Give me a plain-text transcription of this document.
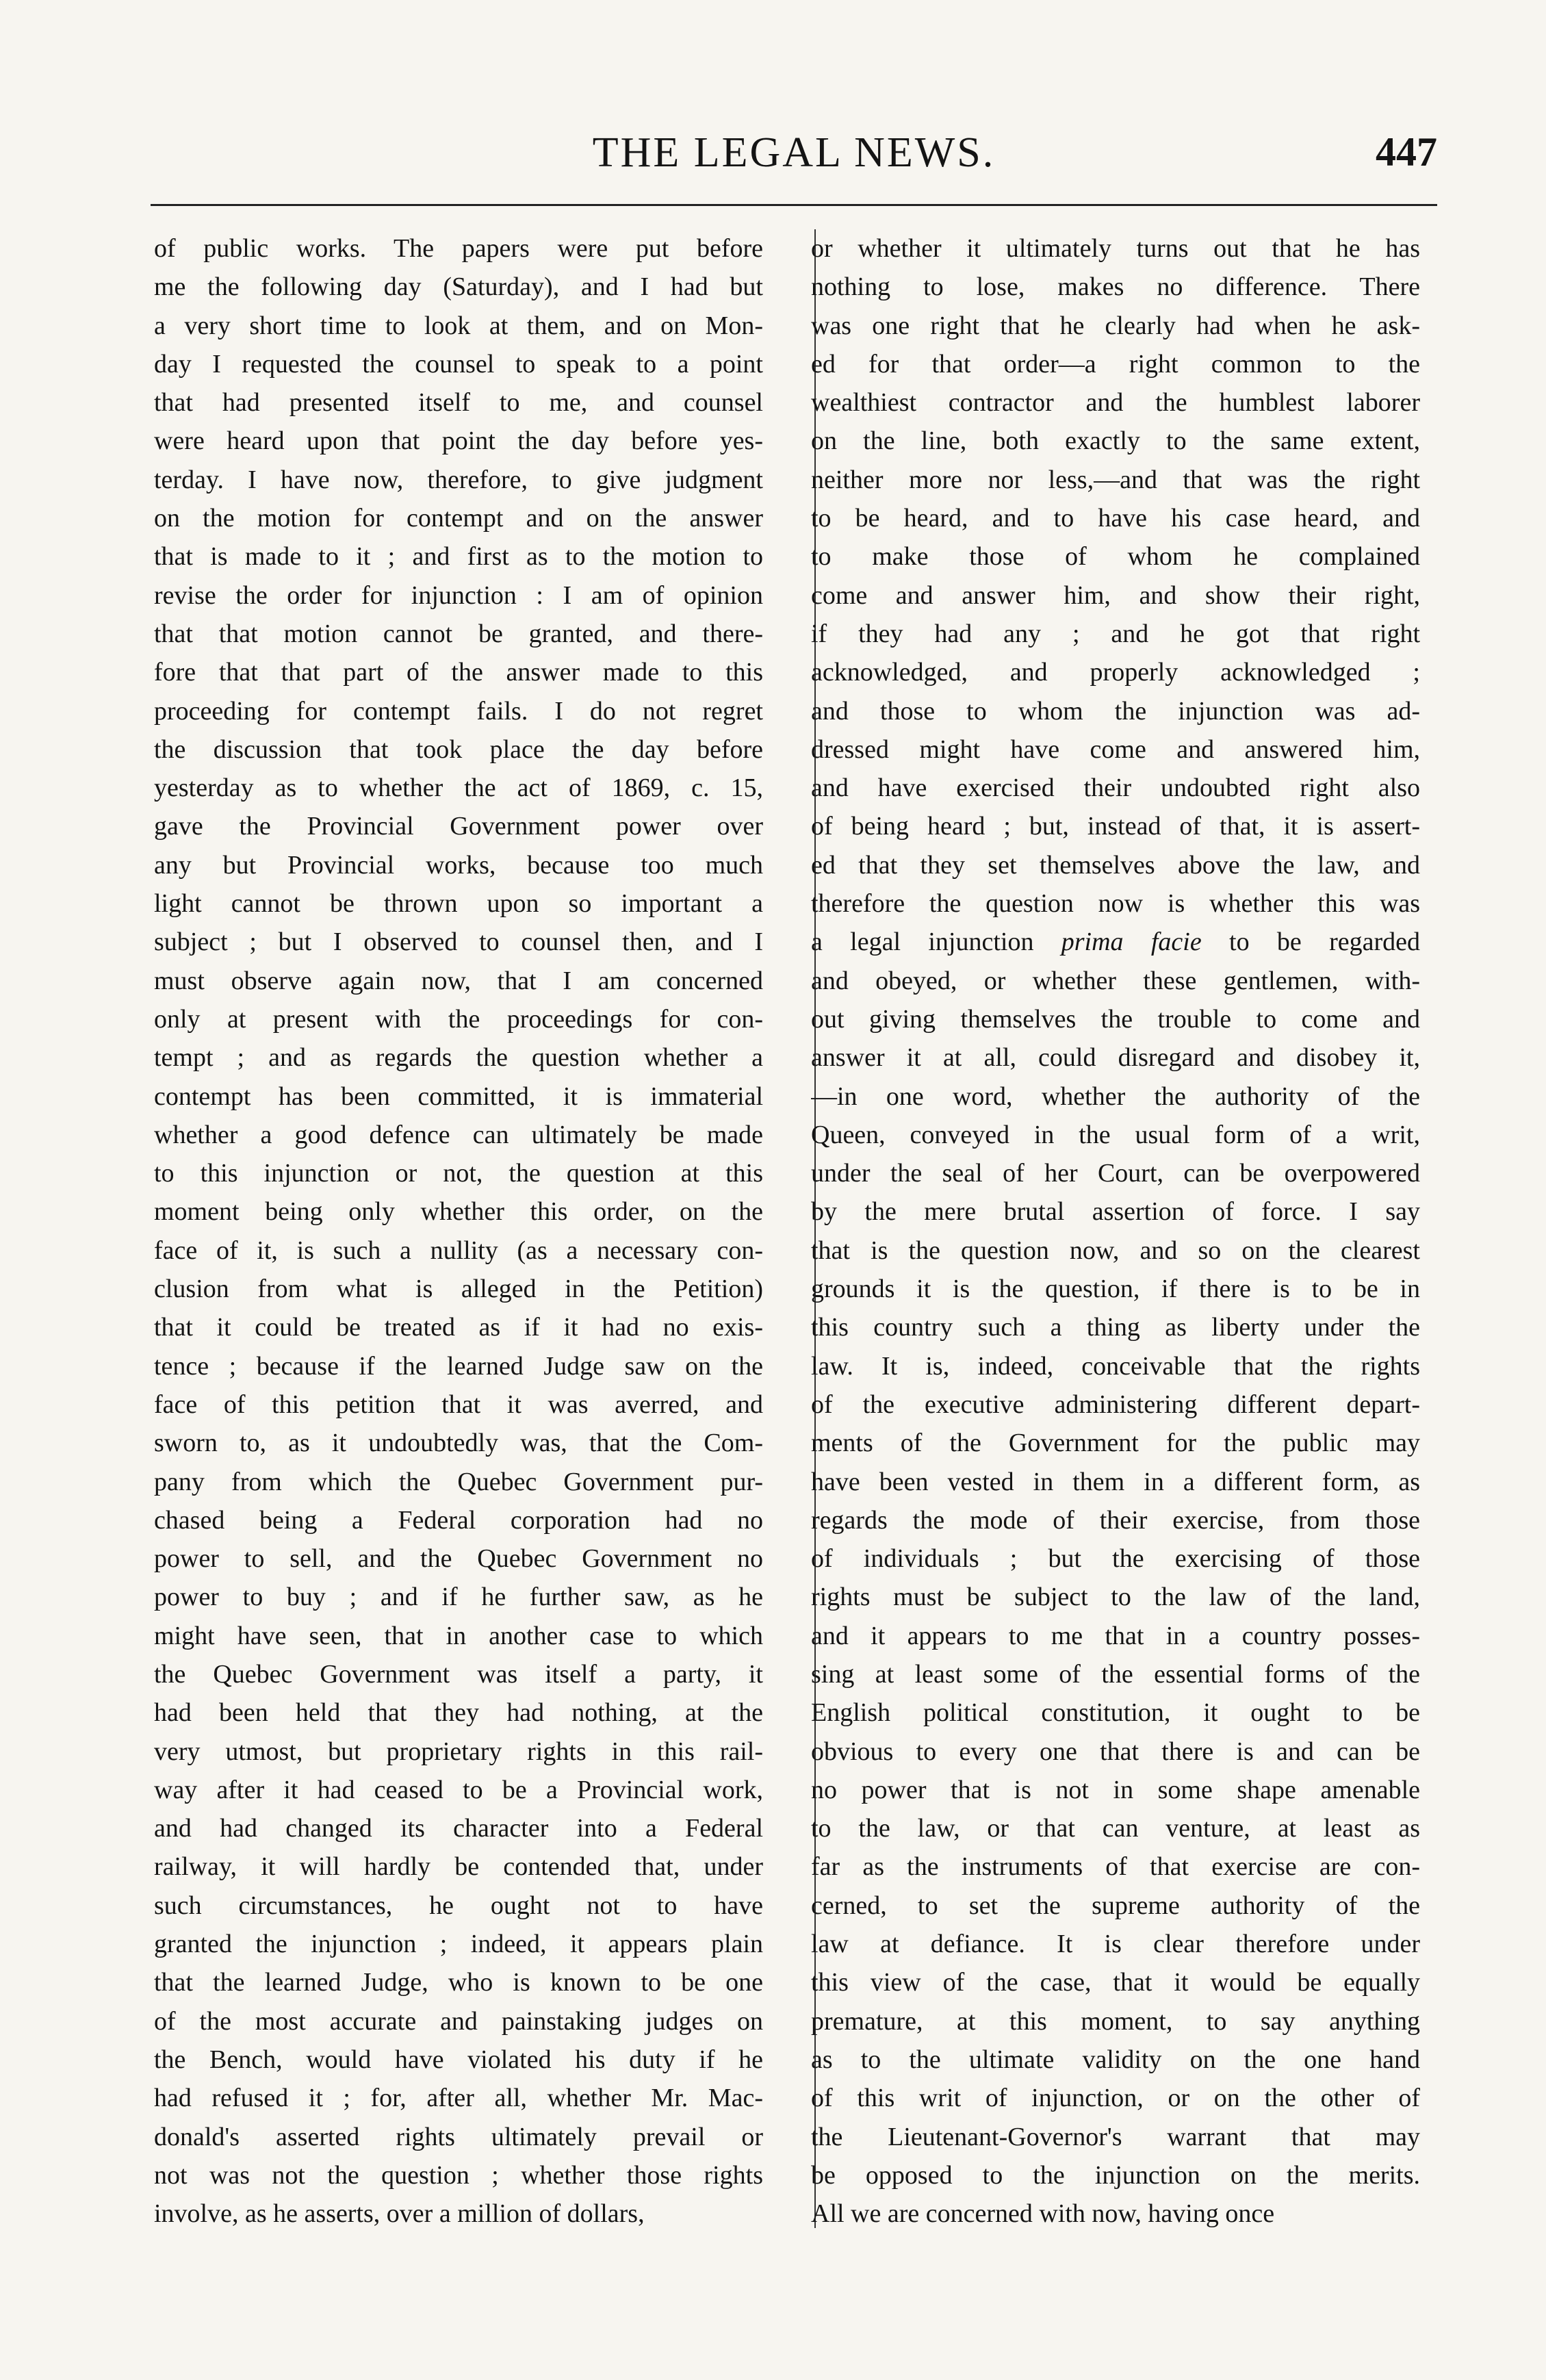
THE LEGAL NEWS.	447
of public works. The papers were put before
me the following day (Saturday), and I had but
a very short time to look at them, and on Mon-
day I requested the counsel to speak to a point
that had presented itself to me, and counsel
were heard upon that point the day before yes-
terday. I have now, therefore, to give judgment
on the motion for contempt and on the answer
that is made to it ; and first as to the motion to
revise the order for injunction : I am of opinion
that that motion cannot be granted, and there-
fore that that part of the answer made to this
proceeding for contempt fails. I do not regret
the discussion that took place the day before
yesterday as to whether the act of 1869, c. 15,
gave the Provincial Government power over
any but Provincial works, because too much
light cannot be thrown upon so important a
subject ; but I observed to counsel then, and I
must observe again now, that I am concerned
only at present with the proceedings for con-
tempt ; and as regards the question whether a
contempt has been committed, it is immaterial
whether a good defence can ultimately be made
to this injunction or not, the question at this
moment being only whether this order, on the
face of it, is such a nullity (as a necessary con-
clusion from what is alleged in the Petition)
that it could be treated as if it had no exis-
tence ; because if the learned Judge saw on the
face of this petition that it was averred, and
sworn to, as it undoubtedly was, that the Com-
pany from which the Quebec Government pur-
chased being a Federal corporation had no
power to sell, and the Quebec Government no
power to buy ; and if he further saw, as he
might have seen, that in another case to which
the Quebec Government was itself a party, it
had been held that they had nothing, at the
very utmost, but proprietary rights in this rail-
way after it had ceased to be a Provincial work,
and had changed its character into a Federal
railway, it will hardly be contended that, under
such circumstances, he ought not to have
granted the injunction ; indeed, it appears plain
that the learned Judge, who is known to be one
of the most accurate and painstaking judges on
the Bench, would have violated his duty if he
had refused it ; for, after all, whether Mr. Mac-
donald's asserted rights ultimately prevail or
not was not the question ; whether those rights
involve, as he asserts, over a million of dollars,
or whether it ultimately turns out that he has
nothing to lose, makes no difference. There
was one right that he clearly had when he ask-
ed for that order—a right common to the
wealthiest contractor and the humblest laborer
on the line, both exactly to the same extent,
neither more nor less,—and that was the right
to be heard, and to have his case heard, and
to make those of whom he complained
come and answer him, and show their right,
if they had any ; and he got that right
acknowledged, and properly acknowledged ;
and those to whom the injunction was ad-
dressed might have come and answered him,
and have exercised their undoubted right also
of being heard ; but, instead of that, it is assert-
ed that they set themselves above the law, and
therefore the question now is whether this was
a legal injunction prima facie to be regarded
and obeyed, or whether these gentlemen, with-
out giving themselves the trouble to come and
answer it at all, could disregard and disobey it,
—in one word, whether the authority of the
Queen, conveyed in the usual form of a writ,
under the seal of her Court, can be overpowered
by the mere brutal assertion of force. I say
that is the question now, and so on the clearest
grounds it is the question, if there is to be in
this country such a thing as liberty under the
law. It is, indeed, conceivable that the rights
of the executive administering different depart-
ments of the Government for the public may
have been vested in them in a different form, as
regards the mode of their exercise, from those
of individuals ; but the exercising of those
rights must be subject to the law of the land,
and it appears to me that in a country posses-
sing at least some of the essential forms of the
English political constitution, it ought to be
obvious to every one that there is and can be
no power that is not in some shape amenable
to the law, or that can venture, at least as
far as the instruments of that exercise are con-
cerned, to set the supreme authority of the
law at defiance. It is clear therefore under
this view of the case, that it would be equally
premature, at this moment, to say anything
as to the ultimate validity on the one hand
of this writ of injunction, or on the other of
the Lieutenant-Governor's warrant that may
be opposed to the injunction on the merits.
All we are concerned with now, having once
